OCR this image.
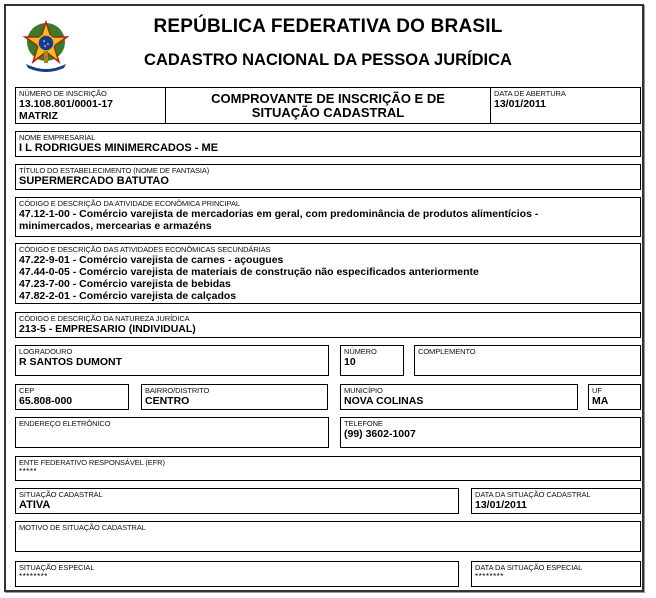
REPÚBLICA FEDERATIVA DO BRASIL
CADASTRO NACIONAL DA PESSOA JURÍDICA
NÚMERO DE INSCRIÇÃO
13.108.801/0001-17
MATRIZ
COMPROVANTE DE INSCRIÇÃO E DE
SITUAÇÃO CADASTRAL
DATA DE ABERTURA
13/01/2011
NOME EMPRESARIAL
I L RODRIGUES MINIMERCADOS - ME
TÍTULO DO ESTABELECIMENTO (NOME DE FANTASIA)
SUPERMERCADO BATUTAO
CÓDIGO E DESCRIÇÃO DA ATIVIDADE ECONÔMICA PRINCIPAL
47.12-1-00 - Comércio varejista de mercadorias em geral, com predominância de produtos alimentícios -
minimercados, mercearias e armazéns
CÓDIGO E DESCRIÇÃO DAS ATIVIDADES ECONÔMICAS SECUNDÁRIAS
47.22-9-01 - Comércio varejista de carnes - açougues
47.44-0-05 - Comércio varejista de materiais de construção não especificados anteriormente
47.23-7-00 - Comércio varejista de bebidas
47.82-2-01 - Comércio varejista de calçados
CÓDIGO E DESCRIÇÃO DA NATUREZA JURÍDICA
213-5 - EMPRESARIO (INDIVIDUAL)
LOGRADOURO
R SANTOS DUMONT
NÚMERO
10
COMPLEMENTO
CEP
65.808-000
BAIRRO/DISTRITO
CENTRO
MUNICÍPIO
NOVA COLINAS
UF
MA
ENDEREÇO ELETRÔNICO	TELEFONE
(99) 3602-1007
ENTE FEDERATIVO RESPONSÁVEL (EFR)
*****
SITUAÇÃO CADASTRAL
ATIVA
DATA DA SITUAÇÃO CADASTRAL
13/01/2011
MOTIVO DE SITUAÇÃO CADASTRAL
SITUAÇÃO ESPECIAL
********
DATA DA SITUAÇÃO ESPECIAL
********
